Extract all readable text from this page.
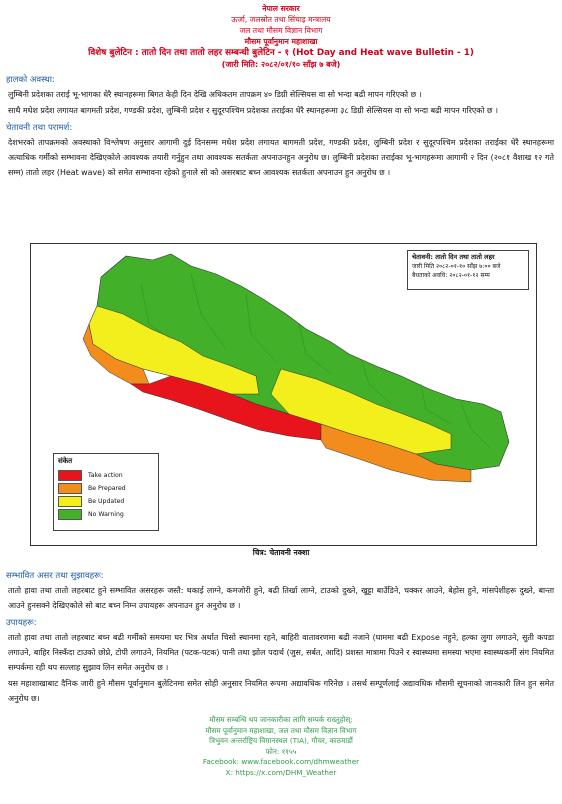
नेपाल सरकार
ऊर्जा, जलस्रोत तथा सिंचाइ मन्त्रालय
जल तथा मौसम विज्ञान विभाग
मौसम पूर्वानुमान महाशाखा
विशेष बुलेटिन : तातो दिन तथा तातो लहर सम्बन्धी बुलेटिन - १ (Hot Day and Heat wave Bulletin - 1)
(जारी मिति: २०८२/०१/१० साँझ ७ बजे)
हालको अवस्था:
लुम्बिनी प्रदेशका तराई भू-भागका धेरै स्थानहरूमा बिगत केही दिन देखि अधिकतम तापक्रम ४० डिग्री सेल्सियस वा सो भन्दा बढी मापन गरिएको छ ।
साथै मधेश प्रदेश लगायत बागमती प्रदेश, गण्डकी प्रदेश, लुम्बिनी प्रदेश र सुदूरपश्चिम प्रदेशका तराईका धेरै स्थानहरूमा ३८ डिग्री सेल्सियस वा सो भन्दा बढी मापन गरिएको छ ।
चेतावनी तथा परामर्श:
देशभरको तापक्रमको अवस्थाको विश्लेषण अनुसार आगामी दुई दिनसम्म मधेश प्रदेश लगायत बागमती प्रदेश, गण्डकी प्रदेश, लुम्बिनी प्रदेश र सुदूरपश्चिम प्रदेशका तराईका धेरै स्थानहरूमा अत्याधिक गर्मीको सम्भावना देखिएकोले आवश्यक तयारी गर्नुहुन तथा आवश्यक सतर्कता अपनाउनहुन अनुरोध छ। लुम्बिनी प्रदेशका तराईका भू-भागहरूमा आगामी २ दिन (२०८१ वैशाख १२ गते सम्म) तातो लहर (Heat wave) को समेत सम्भावना रहेको हुनाले सो को असरबाट बच्न आवश्यक सतर्कता अपनाउन हुन अनुरोध छ ।
चेतावनी: तातो दिन तथा तातो लहर
जारी मिति २०८२-०१-१० साँझ ७:०० बजे
बैधताको अवधि: २०८२-०१-१२ सम्म
संकेत
Take action
Be Prepared
Be Updated
No Warning
चित्र: चेतावनी नक्शा
सम्भावित असर तथा सुझावहरू:
तातो हावा तथा तातो लहरबाट हुने सम्भावित असरहरू जस्तै: थकाई लाग्ने, कमजोरी हुने, बढी तिर्खा लाग्ने, टाउको दुख्ने, खुट्टा बाउँडिने, चक्कर आउने, बेहोस हुने, मांसपेशीहरू दुख्ने, बान्ता आउने हुनसक्ने देखिएकोले सो बाट बच्न निम्न उपायहरू अपनाउन हुन अनुरोध छ ।
उपायहरू:
तातो हावा तथा तातो लहरबाट बच्न बढी गर्मीको समयमा घर भित्र अर्थात चिसो स्थानमा रहने, बाहिरी वातावरणमा बढी नजाने (घाममा बढी Expose नहुने, हल्का लुगा लगाउने, सुती कपडा लगाउने, बाहिर निस्कँदा टाउको छोप्ने, टोपी लगाउने, नियमित (पटक-पटक) पानी तथा झोल पदार्थ (जुस, सर्बत, आदि) प्रशस्त मात्रामा पिउने र स्वास्थ्यमा समस्या भएमा स्वास्थ्यकर्मी संग नियमित सम्पर्कमा रही थप सल्लाह सुझाव लिन समेत अनुरोध छ ।
यस महाशाखाबाट दैनिक जारी हुने मौसम पूर्वानुमान बुलेटिनमा समेत सोही अनुसार नियमित रूपमा अद्यावधिक गरिनेछ । तसर्थ सम्पूर्णलाई अद्यावधिक मौसमी सूचनाको जानकारी लिन हुन समेत अनुरोध छ।
मौसम सम्बन्धि थप जानकारीका लागि सम्पर्क राख्नुहोस्:
मौसम पूर्वानुमान महाशाखा, जल तथा मौसम विज्ञान विभाग
त्रिभुवन अन्तर्राष्ट्रिय विमानस्थल (TIA), गौचर, काठमाडौं
फोन: ११५५
Facebook: www.facebook.com/dhmweather
X: https://x.com/DHM_Weather
